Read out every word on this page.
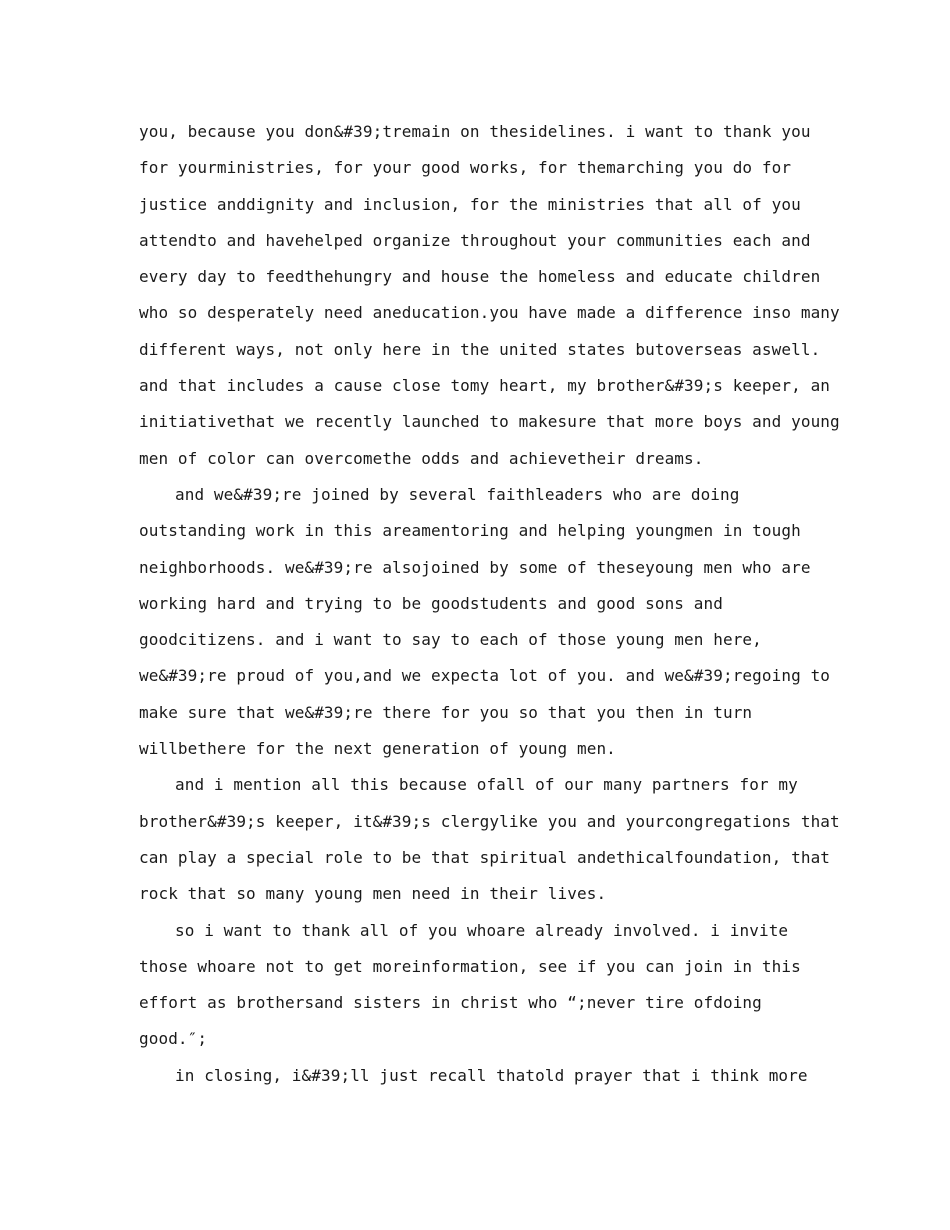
you, because you don&#39;tremain on thesidelines. i want to thank you
for yourministries, for your good works, for themarching you do for
justice anddignity and inclusion, for the ministries that all of you
attendto and havehelped organize throughout your communities each and
every day to feedthehungry and house the homeless and educate children
who so desperately need aneducation.you have made a difference inso many
different ways, not only here in the united states butoverseas aswell.
and that includes a cause close tomy heart, my brother&#39;s keeper, an
initiativethat we recently launched to makesure that more boys and young
men of color can overcomethe odds and achievetheir dreams.
and we&#39;re joined by several faithleaders who are doing
outstanding work in this areamentoring and helping youngmen in tough
neighborhoods. we&#39;re alsojoined by some of theseyoung men who are
working hard and trying to be goodstudents and good sons and
goodcitizens. and i want to say to each of those young men here,
we&#39;re proud of you,and we expecta lot of you. and we&#39;regoing to
make sure that we&#39;re there for you so that you then in turn
willbethere for the next generation of young men.
and i mention all this because ofall of our many partners for my
brother&#39;s keeper, it&#39;s clergylike you and yourcongregations that
can play a special role to be that spiritual andethicalfoundation, that
rock that so many young men need in their lives.
so i want to thank all of you whoare already involved. i invite
those whoare not to get moreinformation, see if you can join in this
effort as brothersand sisters in christ who “;never tire ofdoing
good.″;
in closing, i&#39;ll just recall thatold prayer that i think more
